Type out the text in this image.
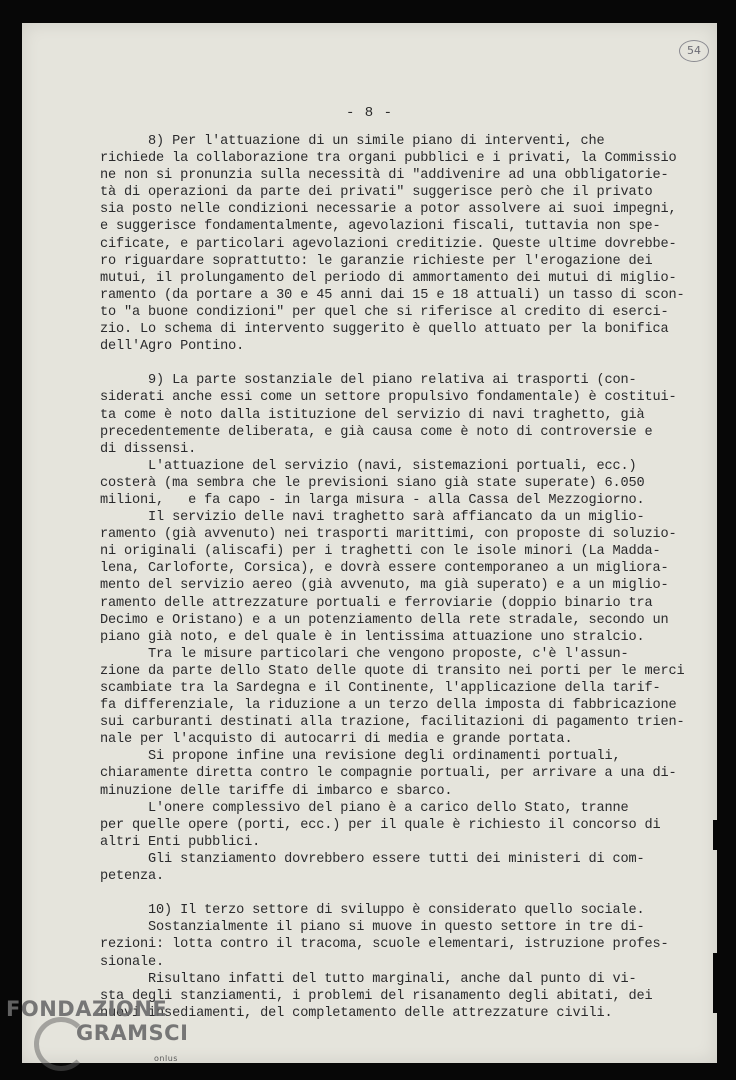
54
- 8 -
8) Per l'attuazione di un simile piano di interventi, che
richiede la collaborazione tra organi pubblici e i privati, la Commissio
ne non si pronunzia sulla necessità di "addivenire ad una obbligatorie-
tà di operazioni da parte dei privati" suggerisce però che il privato
sia posto nelle condizioni necessarie a potor assolvere ai suoi impegni,
e suggerisce fondamentalmente, agevolazioni fiscali, tuttavia non spe-
cificate, e particolari agevolazioni creditizie. Queste ultime dovrebbe-
ro riguardare soprattutto: le garanzie richieste per l'erogazione dei
mutui, il prolungamento del periodo di ammortamento dei mutui di miglio-
ramento (da portare a 30 e 45 anni dai 15 e 18 attuali) un tasso di scon-
to "a buone condizioni" per quel che si riferisce al credito di eserci-
zio. Lo schema di intervento suggerito è quello attuato per la bonifica
dell'Agro Pontino.
9) La parte sostanziale del piano relativa ai trasporti (con-
siderati anche essi come un settore propulsivo fondamentale) è costitui-
ta come è noto dalla istituzione del servizio di navi traghetto, già
precedentemente deliberata, e già causa come è noto di controversie e
di dissensi.
L'attuazione del servizio (navi, sistemazioni portuali, ecc.)
costerà (ma sembra che le previsioni siano già state superate) 6.050
milioni,   e fa capo - in larga misura - alla Cassa del Mezzogiorno.
Il servizio delle navi traghetto sarà affiancato da un miglio-
ramento (già avvenuto) nei trasporti marittimi, con proposte di soluzio-
ni originali (aliscafi) per i traghetti con le isole minori (La Madda-
lena, Carloforte, Corsica), e dovrà essere contemporaneo a un migliora-
mento del servizio aereo (già avvenuto, ma già superato) e a un miglio-
ramento delle attrezzature portuali e ferroviarie (doppio binario tra
Decimo e Oristano) e a un potenziamento della rete stradale, secondo un
piano già noto, e del quale è in lentissima attuazione uno stralcio.
Tra le misure particolari che vengono proposte, c'è l'assun-
zione da parte dello Stato delle quote di transito nei porti per le merci
scambiate tra la Sardegna e il Continente, l'applicazione della tarif-
fa differenziale, la riduzione a un terzo della imposta di fabbricazione
sui carburanti destinati alla trazione, facilitazioni di pagamento trien-
nale per l'acquisto di autocarri di media e grande portata.
Si propone infine una revisione degli ordinamenti portuali,
chiaramente diretta contro le compagnie portuali, per arrivare a una di-
minuzione delle tariffe di imbarco e sbarco.
L'onere complessivo del piano è a carico dello Stato, tranne
per quelle opere (porti, ecc.) per il quale è richiesto il concorso di
altri Enti pubblici.
Gli stanziamento dovrebbero essere tutti dei ministeri di com-
petenza.
10) Il terzo settore di sviluppo è considerato quello sociale.
Sostanzialmente il piano si muove in questo settore in tre di-
rezioni: lotta contro il tracoma, scuole elementari, istruzione profes-
sionale.
Risultano infatti del tutto marginali, anche dal punto di vi-
sta degli stanziamenti, i problemi del risanamento degli abitati, dei
nuovi insediamenti, del completamento delle attrezzature civili.
FONDAZIONE
GRAMSCI
onlus
